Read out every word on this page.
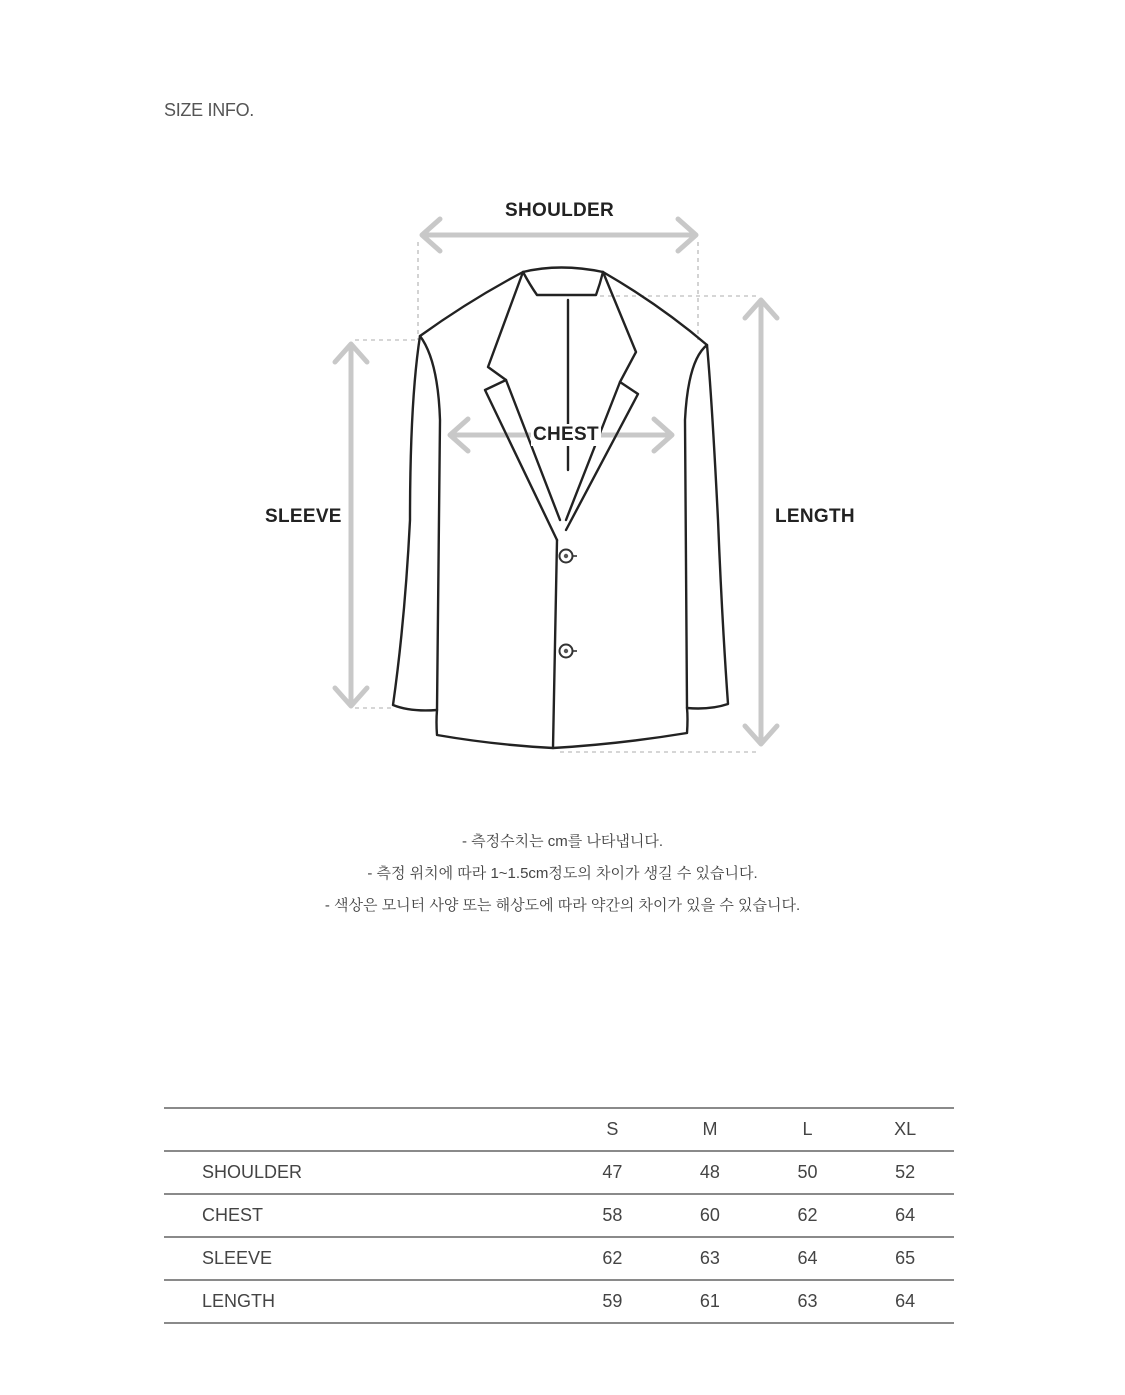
SIZE INFO.
SHOULDER
CHEST
SLEEVE	LENGTH
- 측정수치는 cm를 나타냅니다.
- 측정 위치에 따라 1~1.5cm정도의 차이가 생길 수 있습니다.
- 색상은 모니터 사양 또는 해상도에 따라 약간의 차이가 있을 수 있습니다.
	S	M	L	XL
SHOULDER	47	48	50	52
CHEST	58	60	62	64
SLEEVE	62	63	64	65
LENGTH	59	61	63	64
